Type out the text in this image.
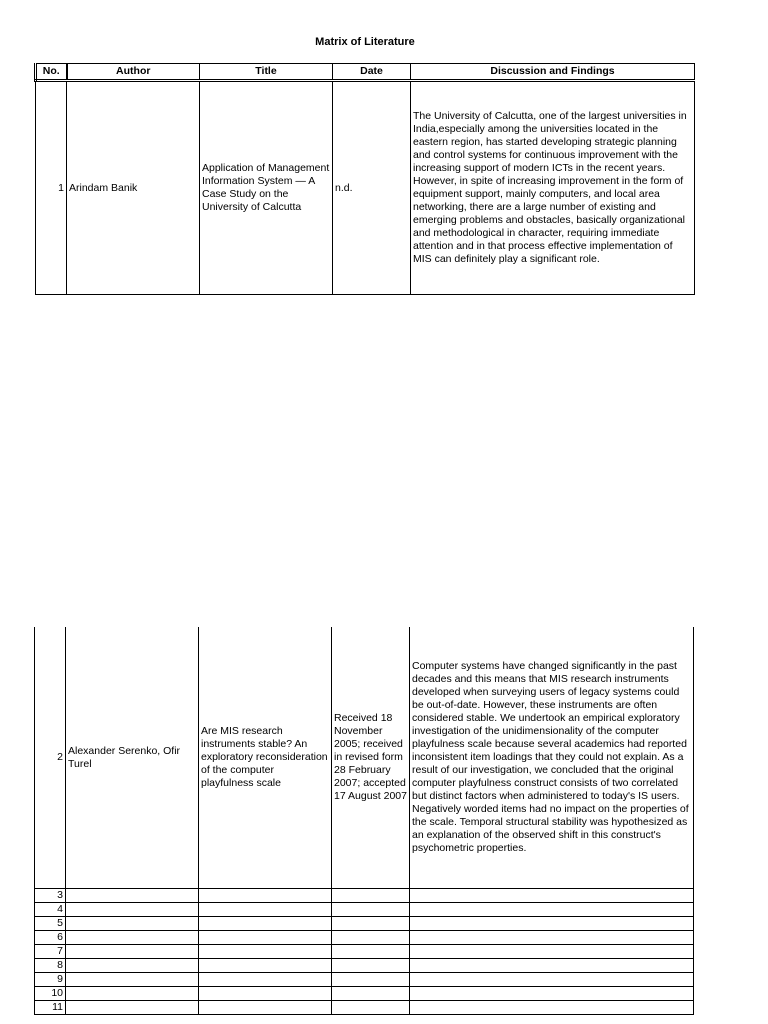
Matrix of Literature
No.	Author	Title	Date	Discussion and Findings
1	Arindam Banik	Application of Management Information System — A Case Study on the University of Calcutta	n.d.	The University of Calcutta, one of the largest universities in India,especially among the universities located in the eastern region, has started developing strategic planning and control systems for continuous improvement with the increasing support of modern ICTs in the recent years. However, in spite of increasing improvement in the form of equipment support, mainly computers, and local area networking, there are a large number of existing and emerging problems and obstacles, basically organizational and methodological in character, requiring immediate attention and in that process effective implementation of MIS can definitely play a significant role.
2	Alexander Serenko, Ofir Turel	Are MIS research instruments stable? An exploratory reconsideration of the computer playfulness scale	Received 18 November 2005; received in revised form 28 February 2007; accepted 17 August 2007	Computer systems have changed significantly in the past decades and this means that MIS research instruments developed when surveying users of legacy systems could be out-of-date. However, these instruments are often considered stable. We undertook an empirical exploratory investigation of the unidimensionality of the computer playfulness scale because several academics had reported inconsistent item loadings that they could not explain. As a result of our investigation, we concluded that the original computer playfulness construct consists of two correlated but distinct factors when administered to today's IS users. Negatively worded items had no impact on the properties of the scale. Temporal structural stability was hypothesized as an explanation of the observed shift in this construct's psychometric properties.
3				
4				
5				
6				
7				
8				
9				
10				
11				
